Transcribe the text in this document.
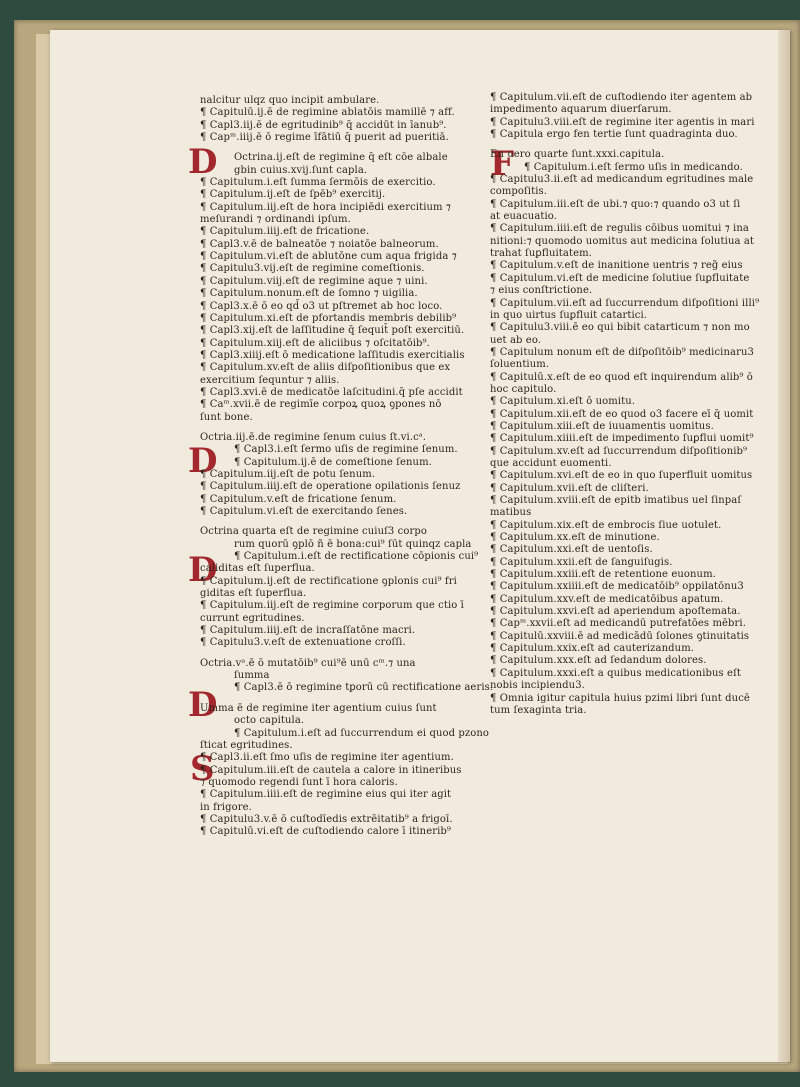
D
D
D
D
S
F
nalcitur ulqz quo incipit ambulare.
¶ Capitulū.ij.ē de regimine ablatōis mamillē ⁊ aff.
¶ Capl3.iij.ē de egritudinib⁹ q̄ accidūt in īanub⁹.
¶ Capᵐ.iiij.ē ō regime īfātiū q̄ puerit ad pueritiā.
Octrina.ij.eſt de regimine q̄ eſt cōe albale
gbin cuius.xvij.ſunt capla.
¶ Capitulum.i.eſt ſumma ſermōis de exercitio.
¶ Capitulum.ij.eſt de ſpēb⁹ exercitij.
¶ Capitulum.iij.eſt de hora incipiēdi exercitium ⁊
meſurandi ⁊ ordinandi ipſum.
¶ Capitulum.iiij.eſt de fricatione.
¶ Capl3.v.ē de balneatōe ⁊ noiatōe balneorum.
¶ Capitulum.vi.eſt de ablutōne cum aqua frigida ⁊
¶ Capitulu3.vij.eſt de regimine comeſtionis.
¶ Capitulum.viij.eſt de regimine aque ⁊ uini.
¶ Capitulum.nonum.eſt de ſomno ⁊ uigilia.
¶ Capl3.x.ē ō eo qd̄ o3 ut pſtremet ab hoc loco.
¶ Capitulum.xi.eſt de pfortandis membris debilib⁹
¶ Capl3.xij.eſt de laſſitudine q̄ ſequit̄ poſt exercitiū.
¶ Capitulum.xiij.eſt de aliciibus ⁊ oſcitatōib⁹.
¶ Capl3.xiiij.eſt ō medicatione laſſitudis exercitialis
¶ Capitulum.xv.eſt de aliis diſpoſitionibus que ex
exercitium ſequntur ⁊ aliis.
¶ Capl3.xvi.ē de medicatōe laſcitudini.q̄ pſe accidit
¶ Caᵐ.xvii.ē de regimīe corpoꝝ quoꝝ ꝯpones nō
ſunt bone.
Octria.iij.ē.de regimine ſenum cuius ſt.vi.cᵃ.
¶ Capl3.i.eſt ſermo uſis de regimine ſenum.
¶ Capitulum.ij.ē de comeſtione ſenum.
¶ Capitulum.iij.eſt de potu ſenum.
¶ Capitulum.iiij.eſt de operatione opilationis ſenuz
¶ Capitulum.v.eſt de fricatione ſenum.
¶ Capitulum.vi.eſt de exercitando ſenes.
Octrina quarta eſt de regimine cuiuſ3 corpo
rum quorū ꝯplō ñ ē bona:cui⁹ ſūt quinqz capla
¶ Capitulum.i.eſt de rectificatione cōpionis cui⁹
caliditas eſt ſuperflua.
¶ Capitulum.ij.eſt de rectificatione ꝯplonis cui⁹ fri
giditas eſt ſuperflua.
¶ Capitulum.iij.eſt de regimine corporum que ctio ī
currunt egritudines.
¶ Capitulum.iiij.eſt de incraſſatōne macri.
¶ Capitulu3.v.eſt de extenuatione croſſi.
Octria.vᵃ.ē ō mutatōib⁹ cui⁹ē unū cᵐ.⁊ una
ſumma
¶ Capl3.ē ō regimine tꝑorū cū rectificatione aeris.
Umma ē de regimine iter agentium cuius ſunt
octo capitula.
¶ Capitulum.i.eſt ad ſuccurrendum ei quod pzono
ſticat egritudines.
¶ Capl3.ii.eſt ſmo uſis de regimine iter agentium.
¶ Capitulum.iii.eſt de cautela a calore in itineribus
⁊ quomodo regendi ſunt ī hora caloris.
¶ Capitulum.iiii.eſt de regimine eius qui iter agit
in frigore.
¶ Capitulu3.v.ē ō cuſtodīedis extrēitatib⁹ a frigoī.
¶ Capitulū.vi.eſt de cuſtodiendo calore ī itinerib⁹
¶ Capitulum.vii.eſt de cuſtodiendo iter agentem ab
impedimento aquarum diuerſarum.
¶ Capitulu3.viii.eſt de regimine iter agentis in mari
¶ Capitula ergo fen tertie ſunt quadraginta duo.
En uero quarte ſunt.xxxi.capitula.
¶ Capitulum.i.eſt ſermo uſis in medicando.
¶ Capitulu3.ii.eſt ad medicandum egritudines male
compoſitis.
¶ Capitulum.iii.eſt de ubi.⁊ quo:⁊ quando o3 ut ſi
at euacuatio.
¶ Capitulum.iiii.eſt de regulis cōibus uomitui ⁊ ina
nitioni:⁊ quomodo uomitus aut medicina ſolutiua at
trahat ſuꝑfluitatem.
¶ Capitulum.v.eſt de inanitione uentris ⁊ reg̃ eius
¶ Capitulum.vi.eſt de medicine ſolutiue ſuꝑfluitate
⁊ eius conſtrictione.
¶ Capitulum.vii.eſt ad ſuccurrendum diſpoſitioni illi⁹
in quo uirtus ſuꝑfluit catartici.
¶ Capitulu3.viii.ē eo qui bibit catarticum ⁊ non mo
uet ab eo.
¶ Capitulum nonum eſt de diſpoſitōib⁹ medicinaru3
ſoluentium.
¶ Capitulū.x.eſt de eo quod eſt inquirendum alib⁹ ō
hoc capitulo.
¶ Capitulum.xi.eſt ō uomitu.
¶ Capitulum.xii.eſt de eo quod o3 facere eī q̄ uomit
¶ Capitulum.xiii.eſt de iuuamentis uomitus.
¶ Capitulum.xiiii.eſt de impedimento ſuꝑflui uomit⁹
¶ Capitulum.xv.eſt ad ſuccurrendum diſpoſitionib⁹
que accidunt euomenti.
¶ Capitulum.xvi.eſt de eo in quo ſuperfluit uomitus
¶ Capitulum.xvii.eſt de cliſteri.
¶ Capitulum.xviii.eſt de epitb imatibus uel ſinpaſ
matibus
¶ Capitulum.xix.eſt de embrocis ſiue uotulet.
¶ Capitulum.xx.eſt de minutione.
¶ Capitulum.xxi.eſt de uentoſis.
¶ Capitulum.xxii.eſt de ſanguiſugis.
¶ Capitulum.xxiii.eſt de retentione euonum.
¶ Capitulum.xxiiii.eſt de medicatōib⁹ oppilatōnu3
¶ Capitulum.xxv.eſt de medicatōibus apatum.
¶ Capitulum.xxvi.eſt ad aperiendum apoſtemata.
¶ Capᵐ.xxvii.eſt ad medicandū putrefatōes mēbri.
¶ Capitulū.xxviii.ē ad medicādū ſolones ꝯtinuitatis
¶ Capitulum.xxix.eſt ad cauterizandum.
¶ Capitulum.xxx.eſt ad ſedandum dolores.
¶ Capitulum.xxxi.eſt a quibus medicationibus eſt
nobis incipiendu3.
¶ Omnia igitur capitula huius pzimi libri ſunt ducē
tum ſexaginta tria.
